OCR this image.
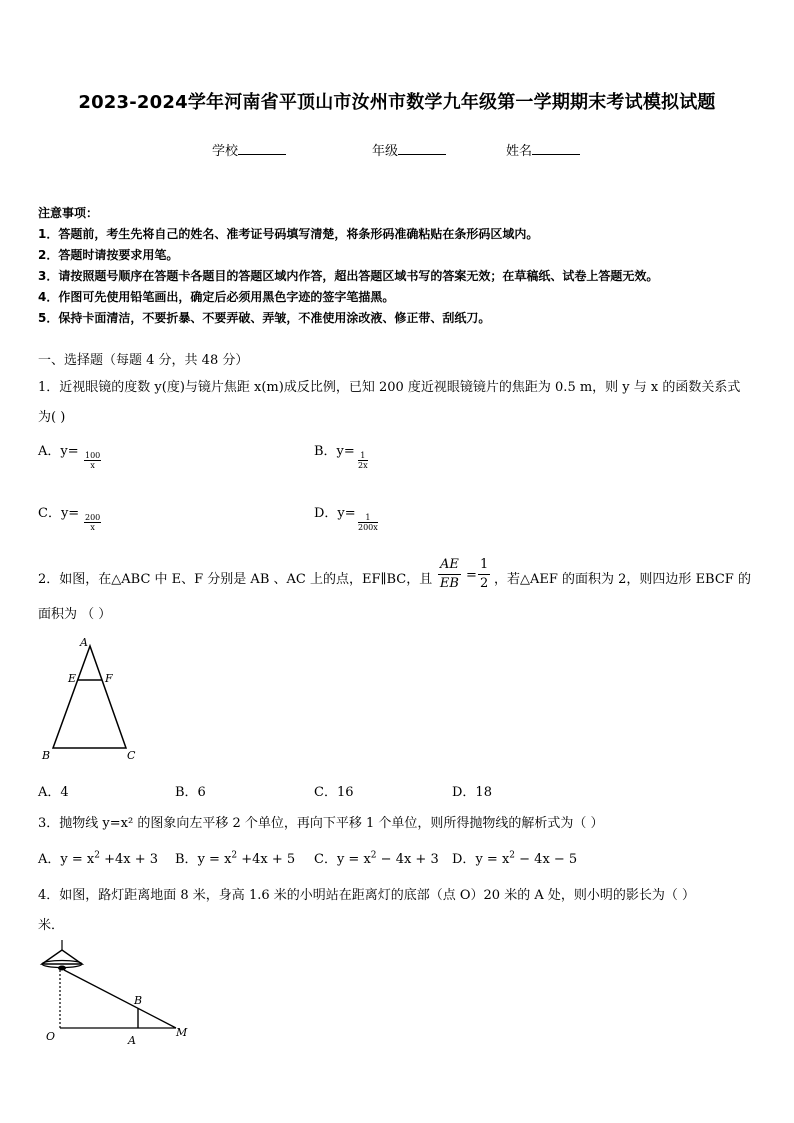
2023-2024学年河南省平顶山市汝州市数学九年级第一学期期末考试模拟试题
学校	年级	姓名
注意事项：
1．答题前，考生先将自己的姓名、准考证号码填写清楚，将条形码准确粘贴在条形码区域内。
2．答题时请按要求用笔。
3．请按照题号顺序在答题卡各题目的答题区域内作答，超出答题区域书写的答案无效；在草稿纸、试卷上答题无效。
4．作图可先使用铅笔画出，确定后必须用黑色字迹的签字笔描黑。
5．保持卡面清洁，不要折暴、不要弄破、弄皱，不准使用涂改液、修正带、刮纸刀。
一、选择题（每题 4 分，共 48 分）
1．近视眼镜的度数 y(度)与镜片焦距 x(m)成反比例，已知 200 度近视眼镜镜片的焦距为 0.5 m，则 y 与 x 的函数关系式
为( )
A．$y= \frac{100}{x}$	B．$y= \frac{1}{2x}$
C．$y= \frac{200}{x}$	D．$y= \frac{1}{200x}$
2．如图，在△ABC 中 E、F 分别是 AB 、AC 上的点，EF∥BC，且 $\frac{AE}{EB} = \frac{1}{2}$ ，若△AEF 的面积为 2，则四边形 EBCF 的
面积为 （ ）
A
E	F
B	C
A．4	B．6	C．16	D．18
3．抛物线 y=x² 的图象向左平移 2 个单位，再向下平移 1 个单位，则所得抛物线的解析式为（ ）
A．$y = x^2 +4x + 3$ B．$y = x^2 +4x + 5$ C．$y = x^2 - 4x + 3$ D．$y = x^2 - 4x - 5$
4．如图，路灯距离地面 8 米，身高 1.6 米的小明站在距离灯的底部（点 O）20 米的 A 处，则小明的影长为（ ）
米．
O	A
B
M
